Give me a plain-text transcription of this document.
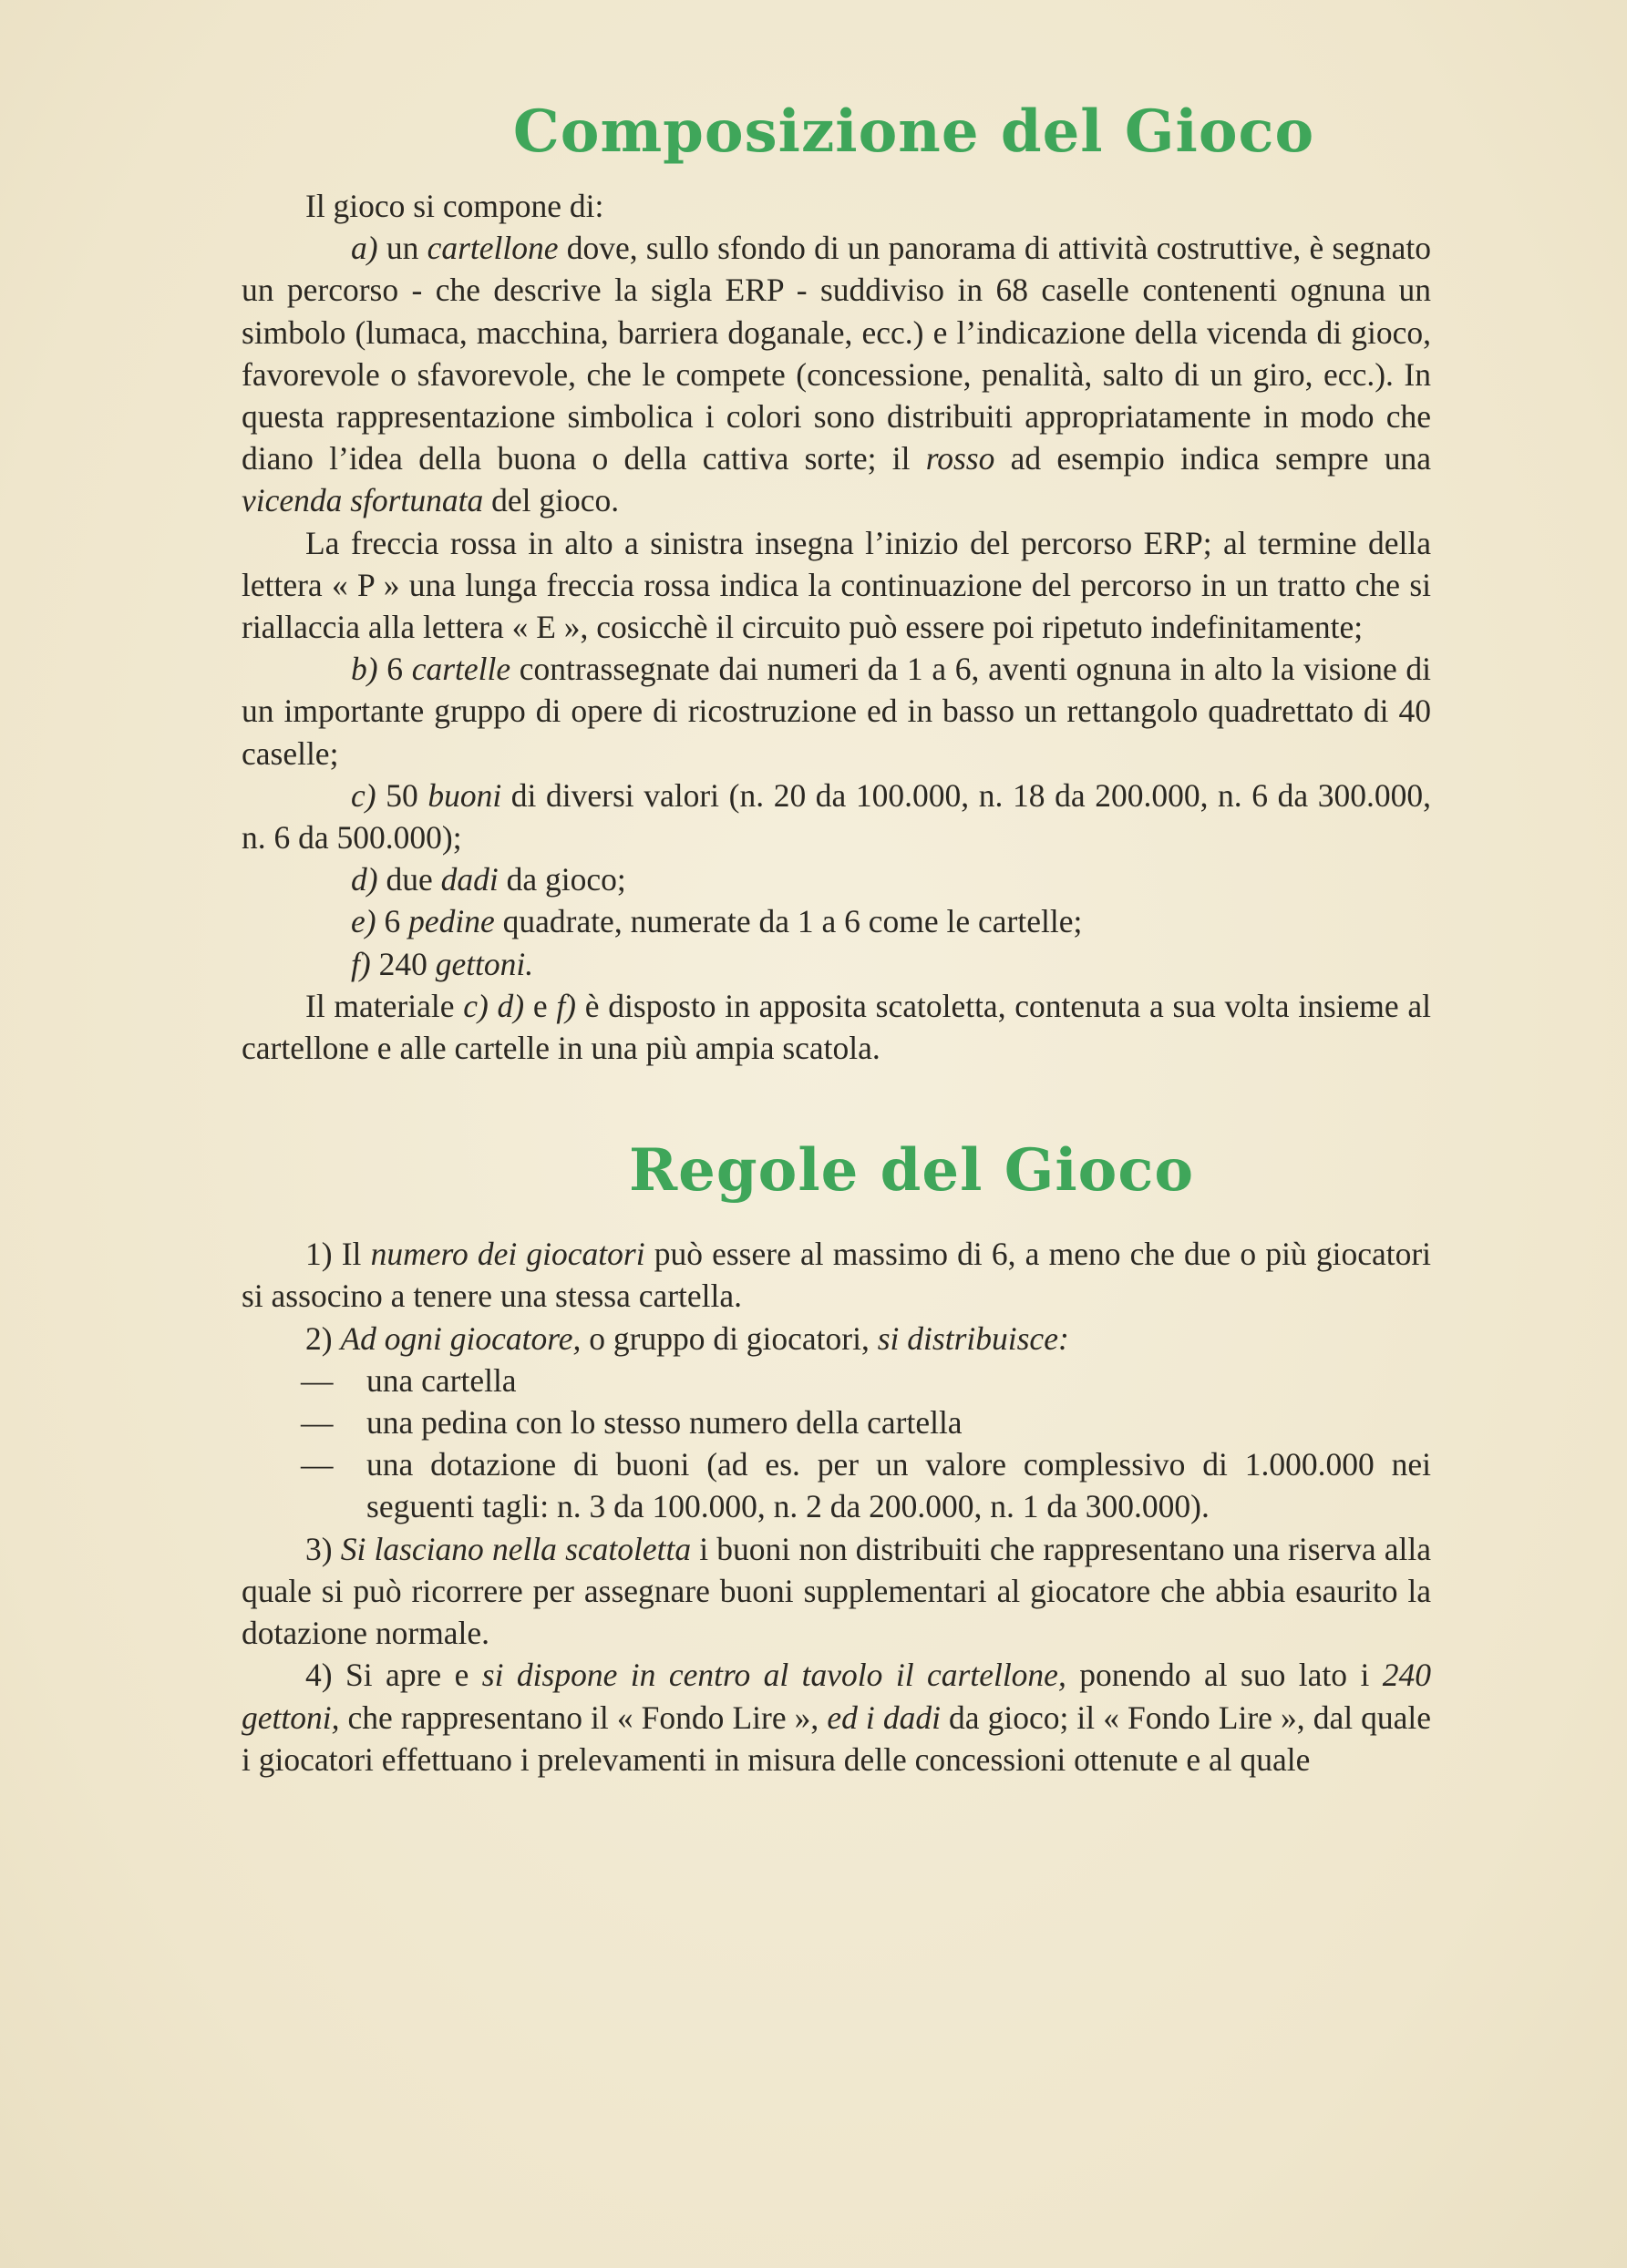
Composizione del Gioco

Il gioco si compone di:

a) un cartellone dove, sullo sfondo di un panorama di attività costruttive, è segnato un percorso - che descrive la sigla ERP - suddiviso in 68 caselle contenenti ognuna un simbolo (lumaca, macchina, barriera doganale, ecc.) e l’indicazione della vicenda di gioco, favorevole o sfavorevole, che le compete (concessione, penalità, salto di un giro, ecc.). In questa rappresentazione simbolica i colori sono distribuiti appropriatamente in modo che diano l’idea della buona o della cattiva sorte; il rosso ad esempio indica sempre una vicenda sfortunata del gioco.

La freccia rossa in alto a sinistra insegna l’inizio del percorso ERP; al termine della lettera « P » una lunga freccia rossa indica la continuazione del percorso in un tratto che si riallaccia alla lettera « E », cosicchè il circuito può essere poi ripetuto indefinitamente;

b) 6 cartelle contrassegnate dai numeri da 1 a 6, aventi ognuna in alto la visione di un importante gruppo di opere di ricostruzione ed in basso un rettangolo quadrettato di 40 caselle;

c) 50 buoni di diversi valori (n. 20 da 100.000, n. 18 da 200.000, n. 6 da 300.000, n. 6 da 500.000);

d) due dadi da gioco;

e) 6 pedine quadrate, numerate da 1 a 6 come le cartelle;

f) 240 gettoni.

Il materiale c) d) e f) è disposto in apposita scatoletta, contenuta a sua volta insieme al cartellone e alle cartelle in una più ampia scatola.

Regole del Gioco

1) Il numero dei giocatori può essere al massimo di 6, a meno che due o più giocatori si associno a tenere una stessa cartella.

2) Ad ogni giocatore, o gruppo di giocatori, si distribuisce:

—	una cartella
—	una pedina con lo stesso numero della cartella
—	una dotazione di buoni (ad es. per un valore complessivo di 1.000.000 nei seguenti tagli: n. 3 da 100.000, n. 2 da 200.000, n. 1 da 300.000).

3) Si lasciano nella scatoletta i buoni non distribuiti che rappresentano una riserva alla quale si può ricorrere per assegnare buoni supplementari al giocatore che abbia esaurito la dotazione normale.

4) Si apre e si dispone in centro al tavolo il cartellone, ponendo al suo lato i 240 gettoni, che rappresentano il « Fondo Lire », ed i dadi da gioco; il « Fondo Lire », dal quale i giocatori effettuano i prelevamenti in misura delle concessioni ottenute e al quale
